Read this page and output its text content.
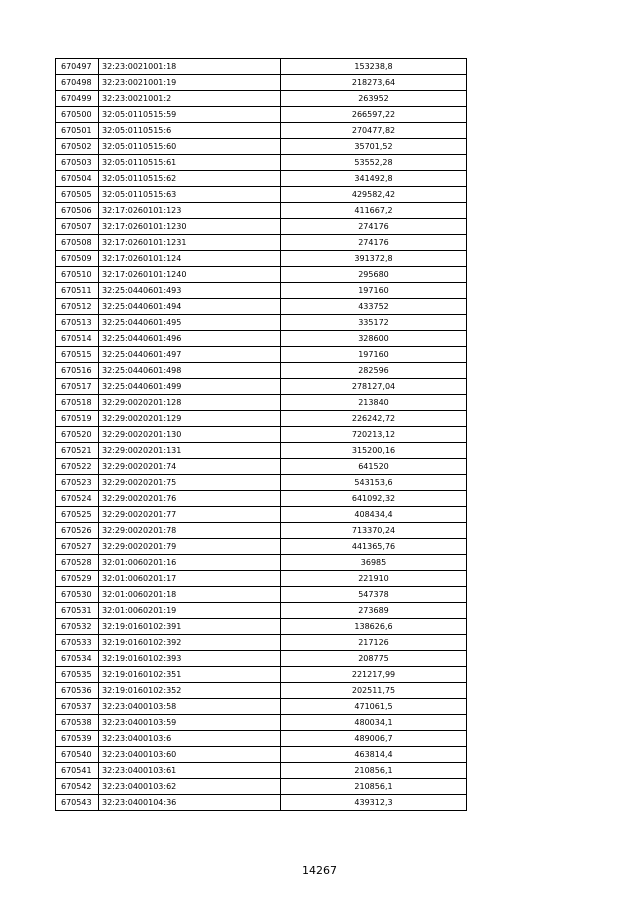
670497	32:23:0021001:18	153238,8
670498	32:23:0021001:19	218273,64
670499	32:23:0021001:2	263952
670500	32:05:0110515:59	266597,22
670501	32:05:0110515:6	270477,82
670502	32:05:0110515:60	35701,52
670503	32:05:0110515:61	53552,28
670504	32:05:0110515:62	341492,8
670505	32:05:0110515:63	429582,42
670506	32:17:0260101:123	411667,2
670507	32:17:0260101:1230	274176
670508	32:17:0260101:1231	274176
670509	32:17:0260101:124	391372,8
670510	32:17:0260101:1240	295680
670511	32:25:0440601:493	197160
670512	32:25:0440601:494	433752
670513	32:25:0440601:495	335172
670514	32:25:0440601:496	328600
670515	32:25:0440601:497	197160
670516	32:25:0440601:498	282596
670517	32:25:0440601:499	278127,04
670518	32:29:0020201:128	213840
670519	32:29:0020201:129	226242,72
670520	32:29:0020201:130	720213,12
670521	32:29:0020201:131	315200,16
670522	32:29:0020201:74	641520
670523	32:29:0020201:75	543153,6
670524	32:29:0020201:76	641092,32
670525	32:29:0020201:77	408434,4
670526	32:29:0020201:78	713370,24
670527	32:29:0020201:79	441365,76
670528	32:01:0060201:16	36985
670529	32:01:0060201:17	221910
670530	32:01:0060201:18	547378
670531	32:01:0060201:19	273689
670532	32:19:0160102:391	138626,6
670533	32:19:0160102:392	217126
670534	32:19:0160102:393	208775
670535	32:19:0160102:351	221217,99
670536	32:19:0160102:352	202511,75
670537	32:23:0400103:58	471061,5
670538	32:23:0400103:59	480034,1
670539	32:23:0400103:6	489006,7
670540	32:23:0400103:60	463814,4
670541	32:23:0400103:61	210856,1
670542	32:23:0400103:62	210856,1
670543	32:23:0400104:36	439312,3
14267
